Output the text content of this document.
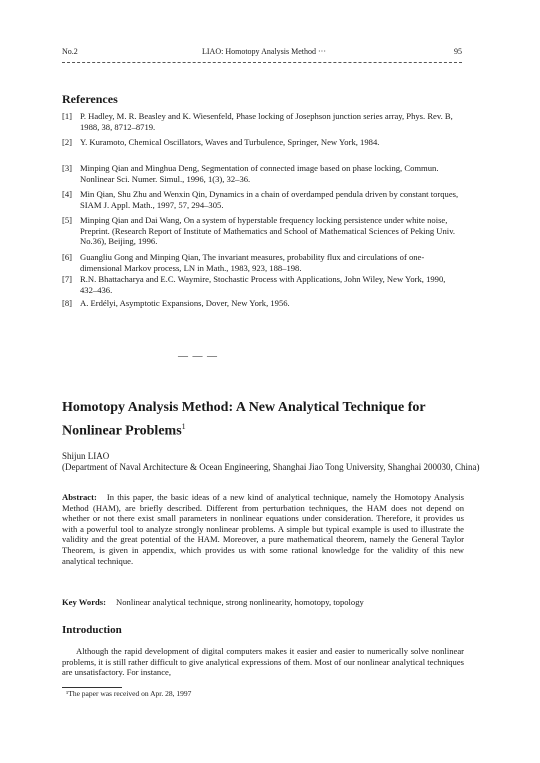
No.2	LIAO: Homotopy Analysis Method ···	95
References
[1] P. Hadley, M. R. Beasley and K. Wiesenfeld, Phase locking of Josephson junction series array, Phys. Rev. B, 1988, 38, 8712–8719.
[2] Y. Kuramoto, Chemical Oscillators, Waves and Turbulence, Springer, New York, 1984.
[3] Minping Qian and Minghua Deng, Segmentation of connected image based on phase locking, Commun. Nonlinear Sci. Numer. Simul., 1996, 1(3), 32–36.
[4] Min Qian, Shu Zhu and Wenxin Qin, Dynamics in a chain of overdamped pendula driven by constant torques, SIAM J. Appl. Math., 1997, 57, 294–305.
[5] Minping Qian and Dai Wang, On a system of hyperstable frequency locking persistence under white noise, Preprint. (Research Report of Institute of Mathematics and School of Mathematical Sciences of Peking Univ. No.36), Beijing, 1996.
[6] Guangliu Gong and Minping Qian, The invariant measures, probability flux and circulations of one-dimensional Markov process, LN in Math., 1983, 923, 188–198.
[7] R.N. Bhattacharya and E.C. Waymire, Stochastic Process with Applications, John Wiley, New York, 1990, 432–436.
[8] A. Erdélyi, Asymptotic Expansions, Dover, New York, 1956.
— — —
Homotopy Analysis Method: A New Analytical Technique for Nonlinear Problems$^1$
Shijun LIAO
(Department of Naval Architecture & Ocean Engineering, Shanghai Jiao Tong University, Shanghai 200030, China)
Abstract: In this paper, the basic ideas of a new kind of analytical technique, namely the Homotopy Analysis Method (HAM), are briefly described. Different from perturbation techniques, the HAM does not depend on whether or not there exist small parameters in nonlinear equations under consideration. Therefore, it provides us with a powerful tool to analyze strongly nonlinear problems. A simple but typical example is used to illustrate the validity and the great potential of the HAM. Moreover, a pure mathematical theorem, namely the General Taylor Theorem, is given in appendix, which provides us with some rational knowledge for the validity of this new analytical technique.
Key Words: Nonlinear analytical technique, strong nonlinearity, homotopy, topology
Introduction
Although the rapid development of digital computers makes it easier and easier to numerically solve nonlinear problems, it is still rather difficult to give analytical expressions of them. Most of our nonlinear analytical techniques are unsatisfactory. For instance,
¹The paper was received on Apr. 28, 1997
